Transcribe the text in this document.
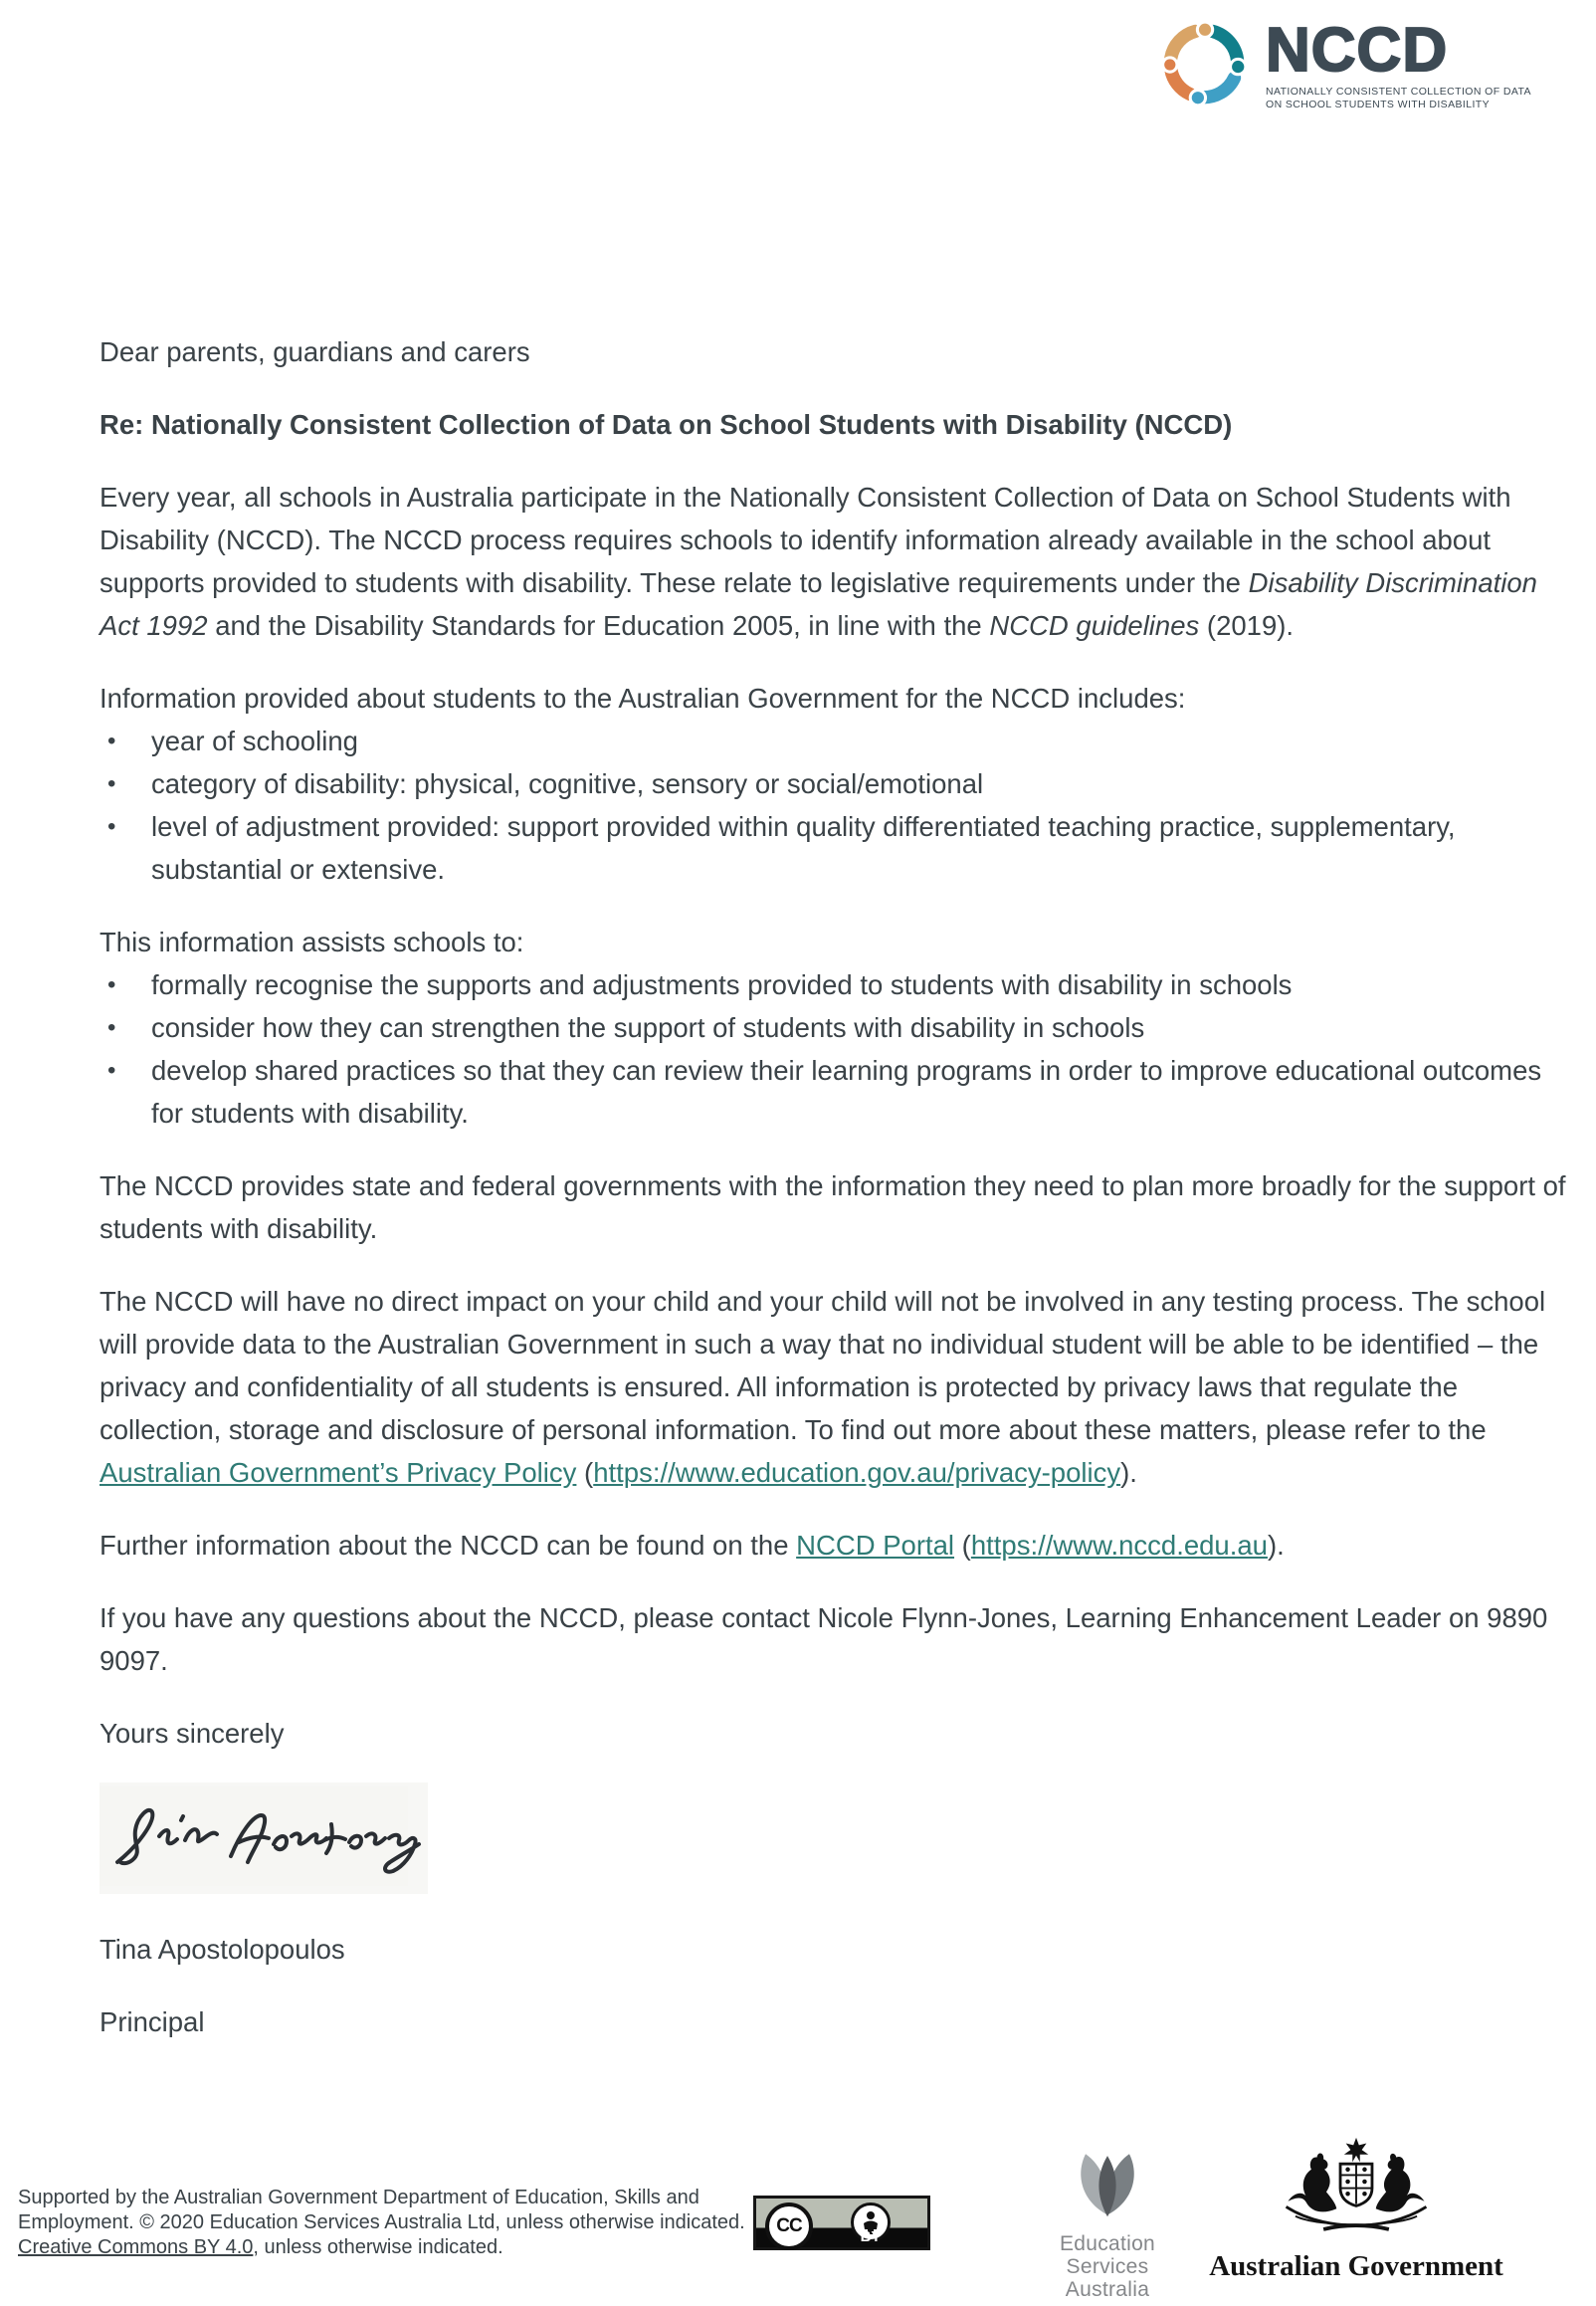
NCCD
NATIONALLY CONSISTENT COLLECTION OF DATA
ON SCHOOL STUDENTS WITH DISABILITY

Dear parents, guardians and carers

Re: Nationally Consistent Collection of Data on School Students with Disability (NCCD)

Every year, all schools in Australia participate in the Nationally Consistent Collection of Data on School Students with Disability (NCCD). The NCCD process requires schools to identify information already available in the school about supports provided to students with disability. These relate to legislative requirements under the Disability Discrimination Act 1992 and the Disability Standards for Education 2005, in line with the NCCD guidelines (2019).

Information provided about students to the Australian Government for the NCCD includes:

• year of schooling
• category of disability: physical, cognitive, sensory or social/emotional
• level of adjustment provided: support provided within quality differentiated teaching practice, supplementary, substantial or extensive.

This information assists schools to:

• formally recognise the supports and adjustments provided to students with disability in schools
• consider how they can strengthen the support of students with disability in schools
• develop shared practices so that they can review their learning programs in order to improve educational outcomes for students with disability.

The NCCD provides state and federal governments with the information they need to plan more broadly for the support of students with disability.

The NCCD will have no direct impact on your child and your child will not be involved in any testing process. The school will provide data to the Australian Government in such a way that no individual student will be able to be identified – the privacy and confidentiality of all students is ensured. All information is protected by privacy laws that regulate the collection, storage and disclosure of personal information. To find out more about these matters, please refer to the Australian Government’s Privacy Policy (https://www.education.gov.au/privacy-policy).

Further information about the NCCD can be found on the NCCD Portal (https://www.nccd.edu.au).

If you have any questions about the NCCD, please contact Nicole Flynn-Jones, Learning Enhancement Leader on 9890 9097.

Yours sincerely

Tina Apostolopoulos

Principal

Supported by the Australian Government Department of Education, Skills and Employment. © 2020 Education Services Australia Ltd, unless otherwise indicated. Creative Commons BY 4.0, unless otherwise indicated.
CC
BY	Education
Services
Australia
Australian Government
